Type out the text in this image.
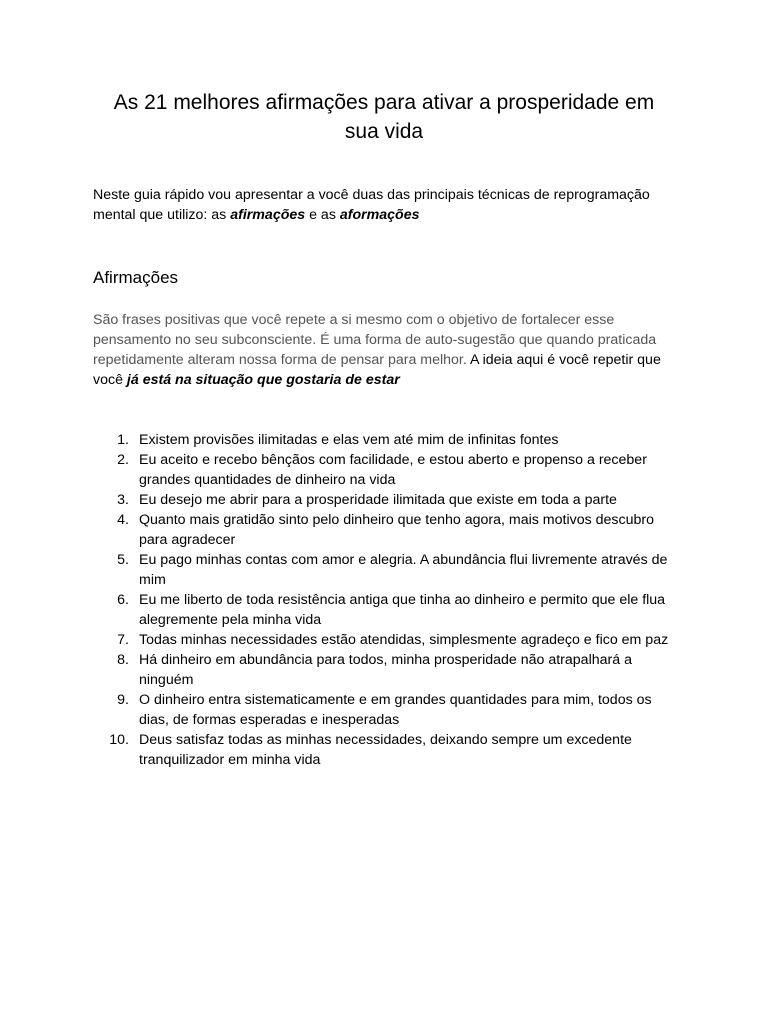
As 21 melhores afirmações para ativar a prosperidade em sua vida

Neste guia rápido vou apresentar a você duas das principais técnicas de reprogramação mental que utilizo: as afirmações e as aformações

Afirmações

São frases positivas que você repete a si mesmo com o objetivo de fortalecer esse pensamento no seu subconsciente. É uma forma de auto-sugestão que quando praticada repetidamente alteram nossa forma de pensar para melhor. A ideia aqui é você repetir que você já está na situação que gostaria de estar

1. Existem provisões ilimitadas e elas vem até mim de infinitas fontes
2. Eu aceito e recebo bênçãos com facilidade, e estou aberto e propenso a receber grandes quantidades de dinheiro na vida
3. Eu desejo me abrir para a prosperidade ilimitada que existe em toda a parte
4. Quanto mais gratidão sinto pelo dinheiro que tenho agora, mais motivos descubro para agradecer
5. Eu pago minhas contas com amor e alegria. A abundância flui livremente através de mim
6. Eu me liberto de toda resistência antiga que tinha ao dinheiro e permito que ele flua alegremente pela minha vida
7. Todas minhas necessidades estão atendidas, simplesmente agradeço e fico em paz
8. Há dinheiro em abundância para todos, minha prosperidade não atrapalhará a ninguém
9. O dinheiro entra sistematicamente e em grandes quantidades para mim, todos os dias, de formas esperadas e inesperadas
10. Deus satisfaz todas as minhas necessidades, deixando sempre um excedente tranquilizador em minha vida
